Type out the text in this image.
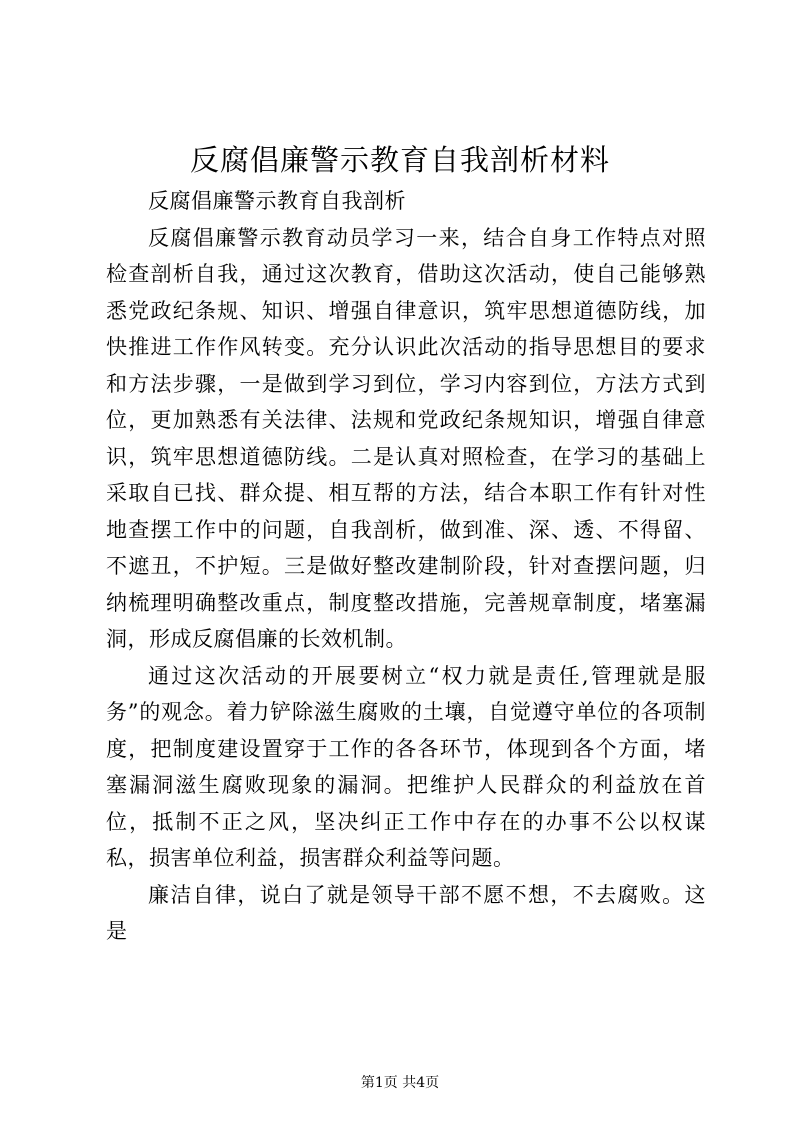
反腐倡廉警示教育自我剖析材料

反腐倡廉警示教育自我剖析

反腐倡廉警示教育动员学习一来，结合自身工作特点对照检查剖析自我，通过这次教育，借助这次活动，使自己能够熟悉党政纪条规、知识、增强自律意识，筑牢思想道德防线，加快推进工作作风转变。充分认识此次活动的指导思想目的要求和方法步骤，一是做到学习到位，学习内容到位，方法方式到位，更加熟悉有关法律、法规和党政纪条规知识，增强自律意识，筑牢思想道德防线。二是认真对照检查，在学习的基础上采取自已找、群众提、相互帮的方法，结合本职工作有针对性地查摆工作中的问题，自我剖析，做到准、深、透、不得留、不遮丑，不护短。三是做好整改建制阶段，针对查摆问题，归纳梳理明确整改重点，制度整改措施，完善规章制度，堵塞漏洞，形成反腐倡廉的长效机制。

通过这次活动的开展要树立“权力就是责任,管理就是服务”的观念。着力铲除滋生腐败的土壤，自觉遵守单位的各项制度，把制度建设置穿于工作的各各环节，体现到各个方面，堵塞漏洞滋生腐败现象的漏洞。把维护人民群众的利益放在首位，抵制不正之风，坚决纠正工作中存在的办事不公以权谋私，损害单位利益，损害群众利益等问题。

廉洁自律，说白了就是领导干部不愿不想，不去腐败。这是

第1页 共4页
